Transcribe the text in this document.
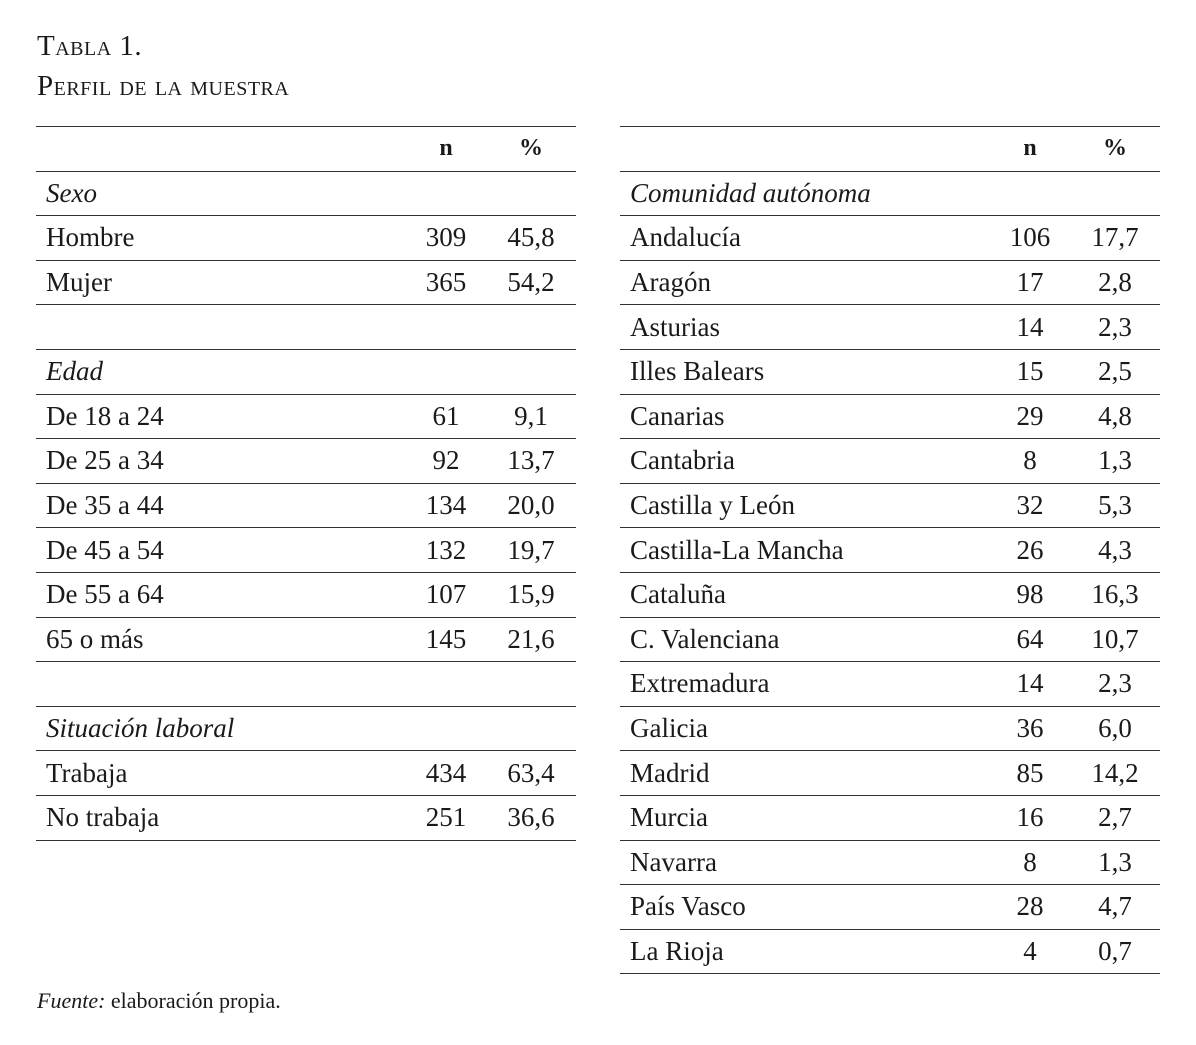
Tabla 1.
Perfil de la muestra
	n	%
Sexo		
Hombre	309	45,8
Mujer	365	54,2

Edad		
De 18 a 24	61	9,1
De 25 a 34	92	13,7
De 35 a 44	134	20,0
De 45 a 54	132	19,7
De 55 a 64	107	15,9
65 o más	145	21,6

Situación laboral		
Trabaja	434	63,4
No trabaja	251	36,6
	n	%
Comunidad autónoma		
Andalucía	106	17,7
Aragón	17	2,8
Asturias	14	2,3
Illes Balears	15	2,5
Canarias	29	4,8
Cantabria	8	1,3
Castilla y León	32	5,3
Castilla-La Mancha	26	4,3
Cataluña	98	16,3
C. Valenciana	64	10,7
Extremadura	14	2,3
Galicia	36	6,0
Madrid	85	14,2
Murcia	16	2,7
Navarra	8	1,3
País Vasco	28	4,7
La Rioja	4	0,7
Fuente: elaboración propia.
